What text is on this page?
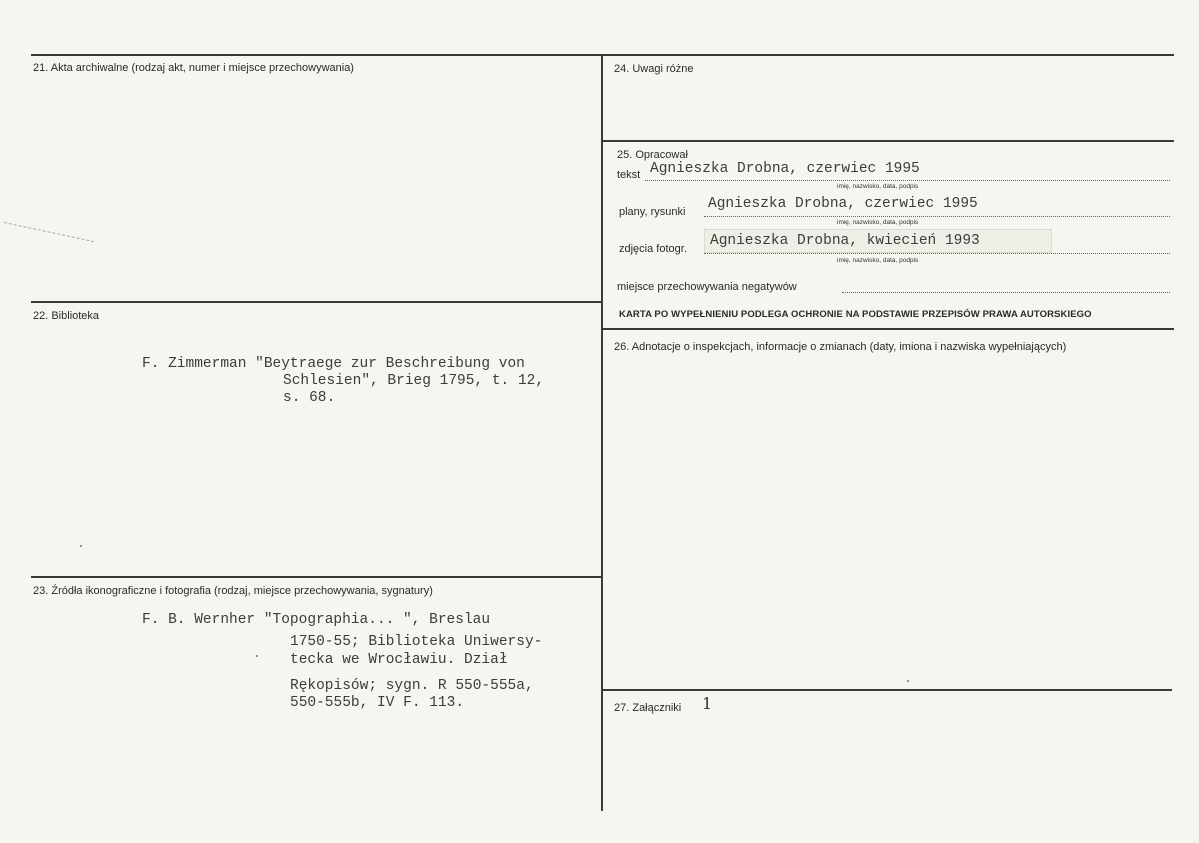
21. Akta archiwalne (rodzaj akt, numer i miejsce przechowywania)
22. Biblioteka
F. Zimmerman "Beytraege zur Beschreibung von
Schlesien", Brieg 1795, t. 12,
s. 68.
23. Źródła ikonograficzne i fotografia (rodzaj, miejsce przechowywania, sygnatury)
F. B. Wernher "Topographia... ", Breslau
1750-55; Biblioteka Uniwersy-
tecka we Wrocławiu. Dział
Rękopisów; sygn. R 550-555a,
550-555b, IV F. 113.
24. Uwagi różne
25. Opracował
tekst Agnieszka Drobna, czerwiec 1995
imię, nazwisko, data, podpis
plany, rysunki Agnieszka Drobna, czerwiec 1995
imię, nazwisko, data, podpis
zdjęcia fotogr. Agnieszka Drobna, kwiecień 1993
imię, nazwisko, data, podpis
miejsce przechowywania negatywów
KARTA PO WYPEŁNIENIU PODLEGA OCHRONIE NA PODSTAWIE PRZEPISÓW PRAWA AUTORSKIEGO
26. Adnotacje o inspekcjach, informacje o zmianach (daty, imiona i nazwiska wypełniających)
27. Załączniki 1
